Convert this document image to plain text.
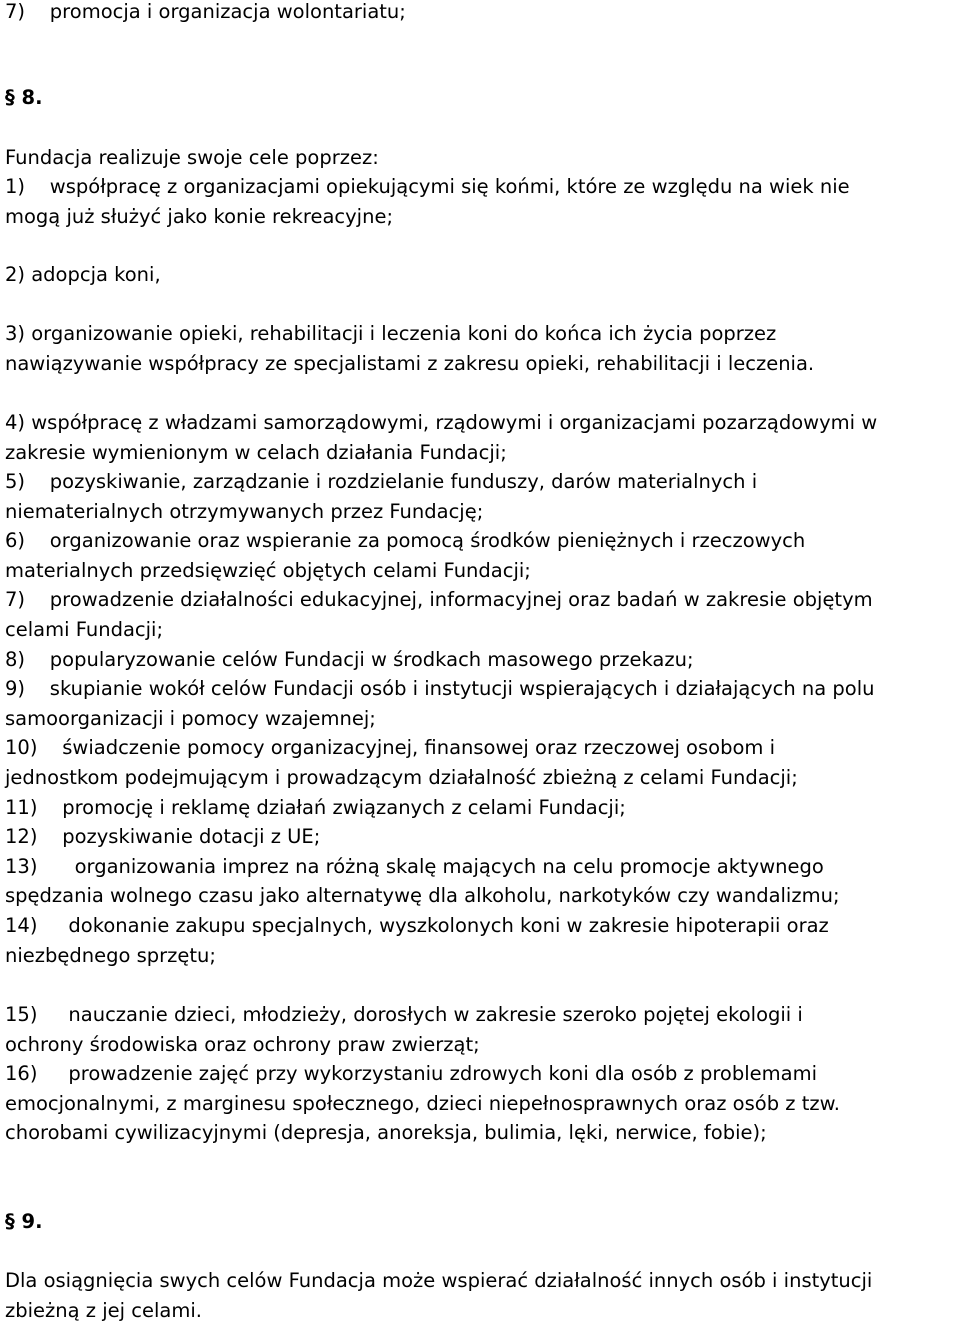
7)    promocja i organizacja wolontariatu;
§ 8.
Fundacja realizuje swoje cele poprzez:
1)    współpracę z organizacjami opiekującymi się końmi, które ze względu na wiek nie
mogą już służyć jako konie rekreacyjne;
2) adopcja koni,
3) organizowanie opieki, rehabilitacji i leczenia koni do końca ich życia poprzez
nawiązywanie współpracy ze specjalistami z zakresu opieki, rehabilitacji i leczenia.
4) współpracę z władzami samorządowymi, rządowymi i organizacjami pozarządowymi w
zakresie wymienionym w celach działania Fundacji;
5)    pozyskiwanie, zarządzanie i rozdzielanie funduszy, darów materialnych i
niematerialnych otrzymywanych przez Fundację;
6)    organizowanie oraz wspieranie za pomocą środków pieniężnych i rzeczowych
materialnych przedsięwzięć objętych celami Fundacji;
7)    prowadzenie działalności edukacyjnej, informacyjnej oraz badań w zakresie objętym
celami Fundacji;
8)    popularyzowanie celów Fundacji w środkach masowego przekazu;
9)    skupianie wokół celów Fundacji osób i instytucji wspierających i działających na polu
samoorganizacji i pomocy wzajemnej;
10)    świadczenie pomocy organizacyjnej, finansowej oraz rzeczowej osobom i
jednostkom podejmującym i prowadzącym działalność zbieżną z celami Fundacji;
11)    promocję i reklamę działań związanych z celami Fundacji;
12)    pozyskiwanie dotacji z UE;
13)      organizowania imprez na różną skalę mających na celu promocje aktywnego
spędzania wolnego czasu jako alternatywę dla alkoholu, narkotyków czy wandalizmu;
14)     dokonanie zakupu specjalnych, wyszkolonych koni w zakresie hipoterapii oraz
niezbędnego sprzętu;
15)     nauczanie dzieci, młodzieży, dorosłych w zakresie szeroko pojętej ekologii i
ochrony środowiska oraz ochrony praw zwierząt;
16)     prowadzenie zajęć przy wykorzystaniu zdrowych koni dla osób z problemami
emocjonalnymi, z marginesu społecznego, dzieci niepełnosprawnych oraz osób z tzw.
chorobami cywilizacyjnymi (depresja, anoreksja, bulimia, lęki, nerwice, fobie);
§ 9.
Dla osiągnięcia swych celów Fundacja może wspierać działalność innych osób i instytucji
zbieżną z jej celami.
